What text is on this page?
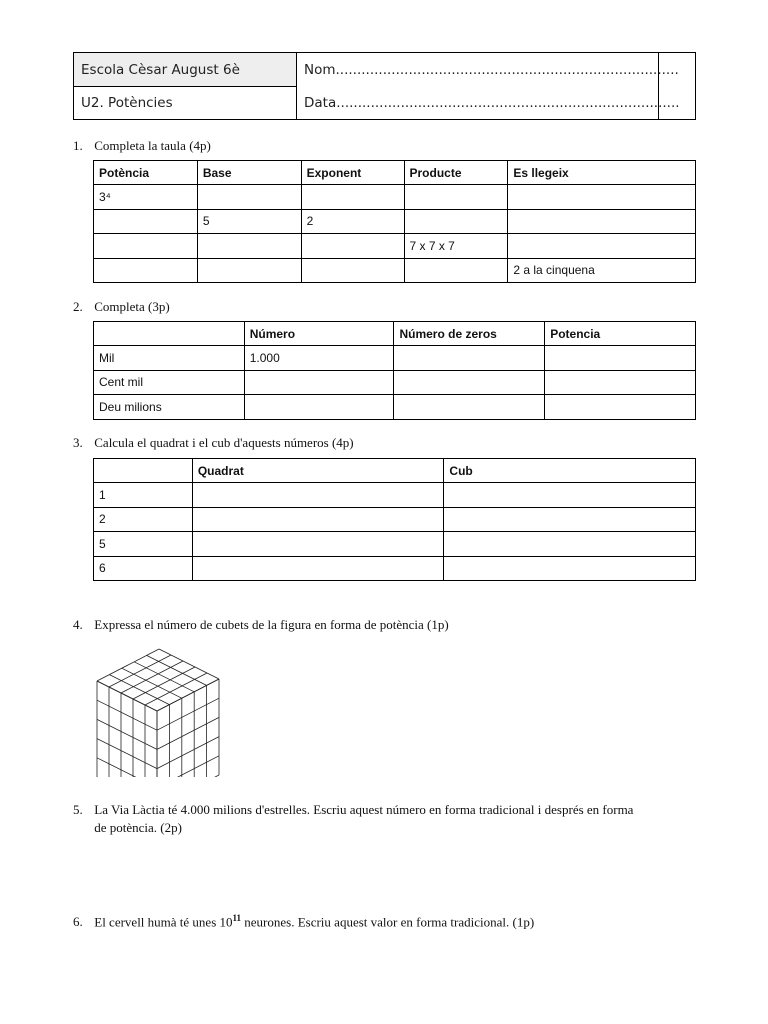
Escola Cèsar August 6è
U2. Potències
Nom................................................................................
Data................................................................................
1. Completa la taula (4p)
Potència	Base	Exponent	Producte	Es llegeix
3⁴				
	5	2		
			7 x 7 x 7	
				2 a la cinquena
2. Completa (3p)
	Número	Número de zeros	Potencia
Mil	1.000		
Cent mil			
Deu milions			
3. Calcula el quadrat i el cub d'aquests números (4p)
	Quadrat	Cub
1		
2		
5		
6		
4. Expressa el número de cubets de la figura en forma de potència (1p)
5. La Via Làctia té 4.000 milions d'estrelles. Escriu aquest número en forma tradicional i després en forma
de potència. (2p)
6. El cervell humà té unes $10^{11}$ neurones. Escriu aquest valor en forma tradicional. (1p)
